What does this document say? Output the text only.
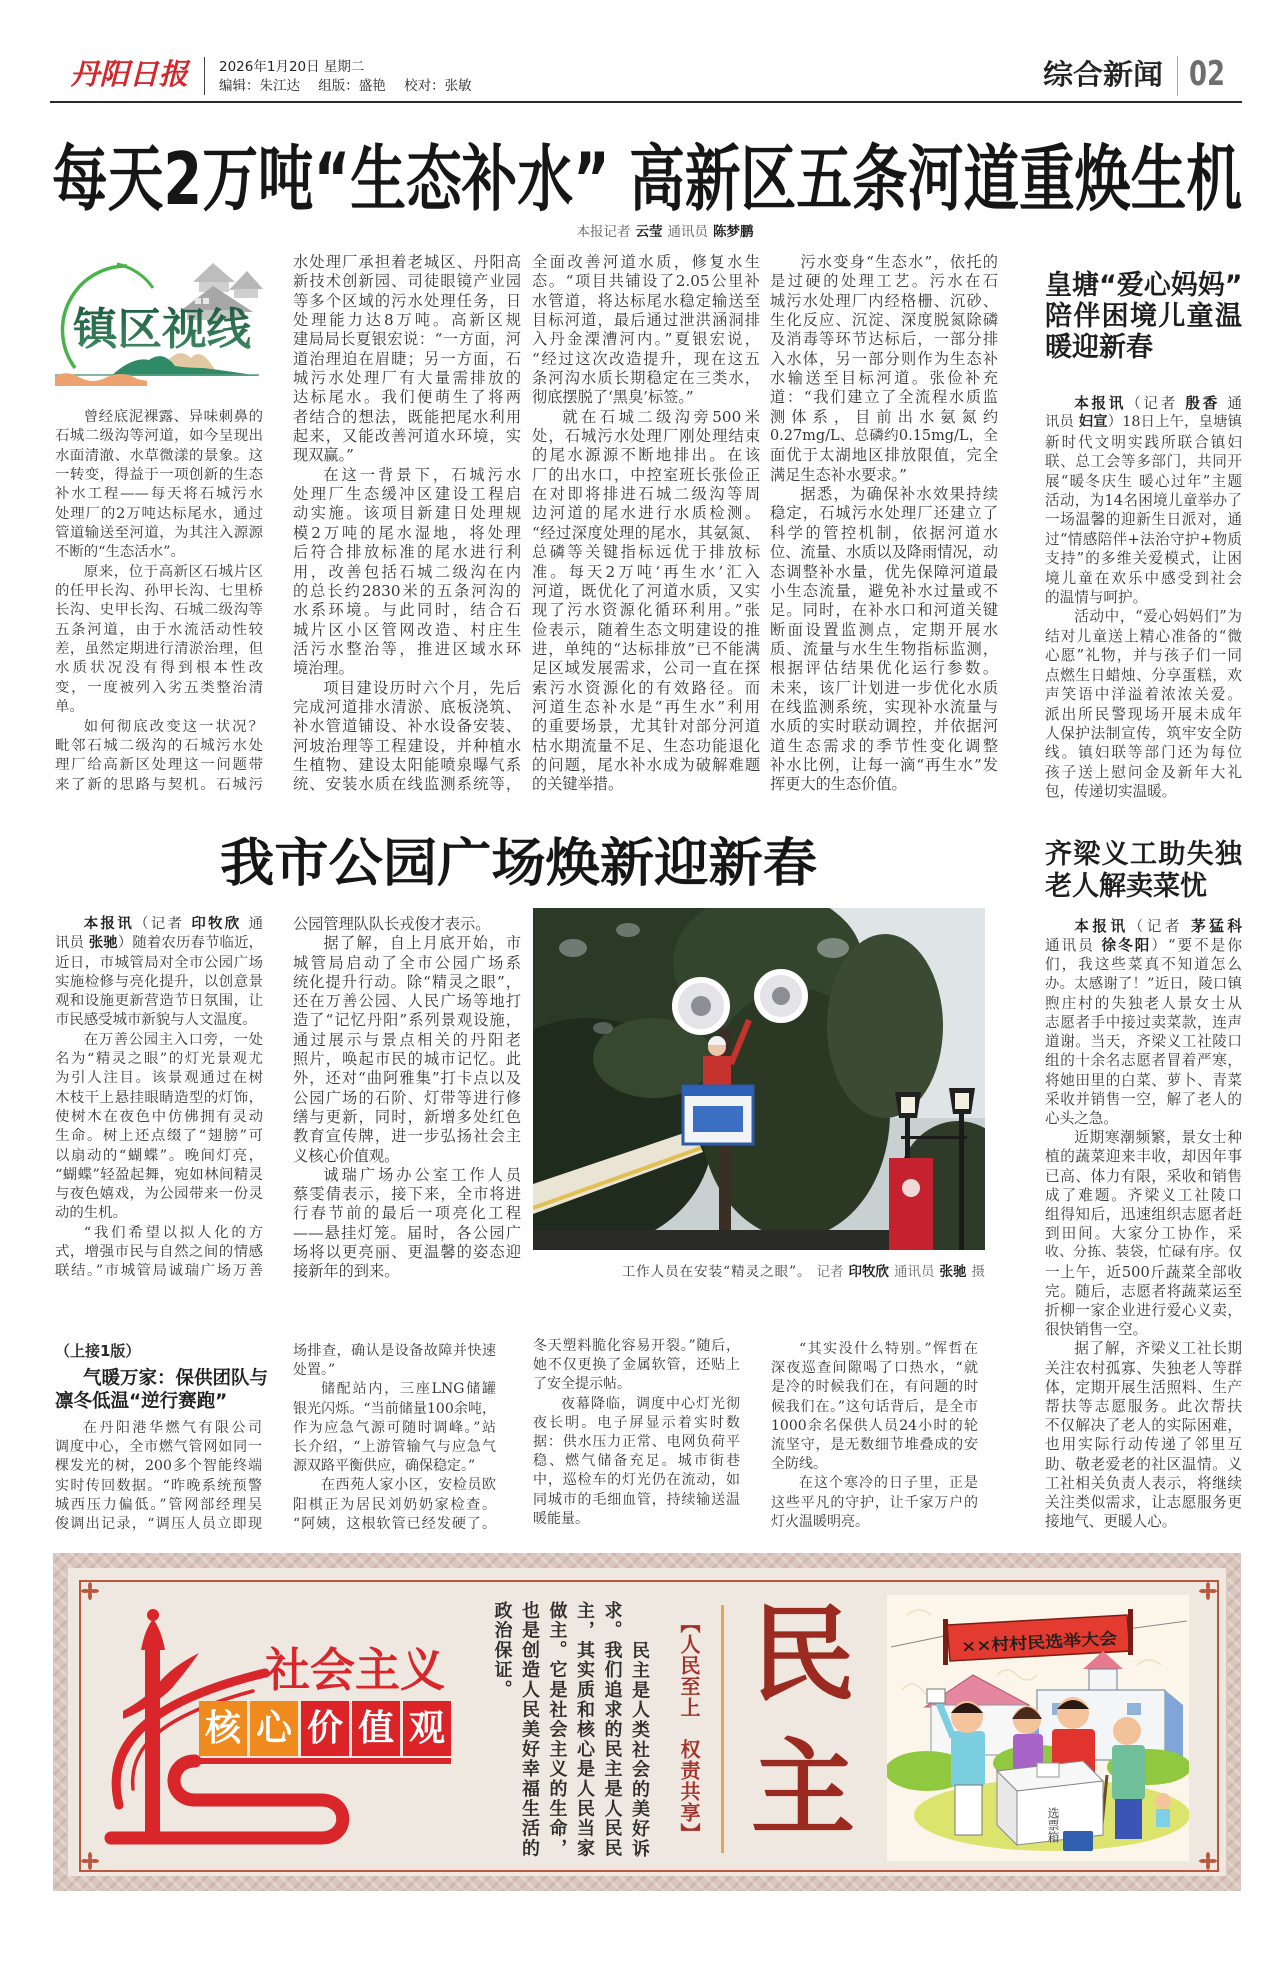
丹阳日报 2026年1月20日 星期二
编辑：朱江达 组版：盛艳 校对：张敏	综合新闻 02
每天2万吨“生态补水” 高新区五条河道重焕生机
本报记者 云莹 通讯员 陈梦鹏
镇区视线
曾经底泥裸露、异味刺鼻的
石城二级沟等河道，如今呈现出
水面清澈、水草微漾的景象。这
一转变，得益于一项创新的生态
补水工程——每天将石城污水
处理厂的2万吨达标尾水，通过
管道输送至河道，为其注入源源
不断的“生态活水”。
原来，位于高新区石城片区
的任甲长沟、孙甲长沟、七里桥
长沟、史甲长沟、石城二级沟等
五条河道，由于水流活动性较
差，虽然定期进行清淤治理，但
水质状况没有得到根本性改
变，一度被列入劣五类整治清
单。
如何彻底改变这一状况？
毗邻石城二级沟的石城污水处
理厂给高新区处理这一问题带
来了新的思路与契机。石城污
水处理厂承担着老城区、丹阳高
新技术创新园、司徒眼镜产业园
等多个区域的污水处理任务，日
处理能力达8万吨。高新区规
建局局长夏银宏说：“一方面，河
道治理迫在眉睫；另一方面，石
城污水处理厂有大量需排放的
达标尾水。我们便萌生了将两
者结合的想法，既能把尾水利用
起来，又能改善河道水环境，实
现双赢。”
在这一背景下，石城污水
处理厂生态缓冲区建设工程启
动实施。该项目新建日处理规
模2万吨的尾水湿地，将处理
后符合排放标准的尾水进行利
用，改善包括石城二级沟在内
的总长约2830米的五条河沟的
水系环境。与此同时，结合石
城片区小区管网改造、村庄生
活污水整治等，推进区域水环
境治理。
项目建设历时六个月，先后
完成河道排水清淤、底板浇筑、
补水管道铺设、补水设备安装、
河坡治理等工程建设，并种植水
生植物、建设太阳能喷泉曝气系
统、安装水质在线监测系统等，
全面改善河道水质，修复水生
态。“项目共铺设了2.05公里补
水管道，将达标尾水稳定输送至
目标河道，最后通过泄洪涵洞排
入丹金溧漕河内。”夏银宏说，
“经过这次改造提升，现在这五
条河沟水质长期稳定在三类水，
彻底摆脱了‘黑臭’标签。”
就在石城二级沟旁500米
处，石城污水处理厂刚处理结束
的尾水源源不断地排出。在该
厂的出水口，中控室班长张俭正
在对即将排进石城二级沟等周
边河道的尾水进行水质检测。
“经过深度处理的尾水，其氨氮、
总磷等关键指标远优于排放标
准。每天2万吨‘再生水’汇入
河道，既优化了河道水质，又实
现了污水资源化循环利用。”张
俭表示，随着生态文明建设的推
进，单纯的“达标排放”已不能满
足区域发展需求，公司一直在探
索污水资源化的有效路径。而
河道生态补水是“再生水”利用
的重要场景，尤其针对部分河道
枯水期流量不足、生态功能退化
的问题，尾水补水成为破解难题
的关键举措。
污水变身“生态水”，依托的
是过硬的处理工艺。污水在石
城污水处理厂内经格栅、沉砂、
生化反应、沉淀、深度脱氮除磷
及消毒等环节达标后，一部分排
入水体，另一部分则作为生态补
水输送至目标河道。张俭补充
道：“我们建立了全流程水质监
测体系，目前出水氨氮约
0.27mg/L、总磷约0.15mg/L，全
面优于太湖地区排放限值，完全
满足生态补水要求。”
据悉，为确保补水效果持续
稳定，石城污水处理厂还建立了
科学的管控机制，依据河道水
位、流量、水质以及降雨情况，动
态调整补水量，优先保障河道最
小生态流量，避免补水过量或不
足。同时，在补水口和河道关键
断面设置监测点，定期开展水
质、流量与水生生物指标监测，
根据评估结果优化运行参数。
未来，该厂计划进一步优化水质
在线监测系统，实现补水流量与
水质的实时联动调控，并依据河
道生态需求的季节性变化调整
补水比例，让每一滴“再生水”发
挥更大的生态价值。
皇塘“爱心妈妈”
陪伴困境儿童温
暖迎新春
本报讯（记者 殷香 通
讯员 妇宣）18日上午，皇塘镇
新时代文明实践所联合镇妇
联、总工会等多部门，共同开
展“暖冬庆生 暖心过年”主题
活动，为14名困境儿童举办了
一场温馨的迎新生日派对，通
过“情感陪伴+法治守护+物质
支持”的多维关爱模式，让困
境儿童在欢乐中感受到社会
的温情与呵护。
活动中，“爱心妈妈们”为
结对儿童送上精心准备的“微
心愿”礼物，并与孩子们一同
点燃生日蜡烛、分享蛋糕，欢
声笑语中洋溢着浓浓关爱。
派出所民警现场开展未成年
人保护法制宣传，筑牢安全防
线。镇妇联等部门还为每位
孩子送上慰问金及新年大礼
包，传递切实温暖。
我市公园广场焕新迎新春
本报讯（记者 印牧欣 通
讯员 张驰）随着农历春节临近，
近日，市城管局对全市公园广场
实施检修与亮化提升，以创意景
观和设施更新营造节日氛围，让
市民感受城市新貌与人文温度。
在万善公园主入口旁，一处
名为“精灵之眼”的灯光景观尤
为引人注目。该景观通过在树
木枝干上悬挂眼睛造型的灯饰，
使树木在夜色中仿佛拥有灵动
生命。树上还点缀了“翅膀”可
以扇动的“蝴蝶”。晚间灯亮，
“蝴蝶”轻盈起舞，宛如林间精灵
与夜色嬉戏，为公园带来一份灵
动的生机。
“我们希望以拟人化的方
式，增强市民与自然之间的情感
联结。”市城管局诚瑞广场万善
公园管理队队长戎俊才表示。
据了解，自上月底开始，市
城管局启动了全市公园广场系
统化提升行动。除“精灵之眼”，
还在万善公园、人民广场等地打
造了“记忆丹阳”系列景观设施，
通过展示与景点相关的丹阳老
照片，唤起市民的城市记忆。此
外，还对“曲阿雅集”打卡点以及
公园广场的石阶、灯带等进行修
缮与更新，同时，新增多处红色
教育宣传牌，进一步弘扬社会主
义核心价值观。
诚瑞广场办公室工作人员
蔡雯倩表示，接下来，全市将进
行春节前的最后一项亮化工程
——悬挂灯笼。届时，各公园广
场将以更亮丽、更温馨的姿态迎
接新年的到来。	工作人员在安装“精灵之眼”。 记者 印牧欣 通讯员 张驰 摄
齐梁义工助失独
老人解卖菜忧
本报讯（记者 茅猛科
通讯员 徐冬阳）“要不是你
们，我这些菜真不知道怎么
办。太感谢了！”近日，陵口镇
煦庄村的失独老人景女士从
志愿者手中接过卖菜款，连声
道谢。当天，齐梁义工社陵口
组的十余名志愿者冒着严寒，
将她田里的白菜、萝卜、青菜
采收并销售一空，解了老人的
心头之急。
近期寒潮频繁，景女士种
植的蔬菜迎来丰收，却因年事
已高、体力有限，采收和销售
成了难题。齐梁义工社陵口
组得知后，迅速组织志愿者赶
到田间。大家分工协作，采
收、分拣、装袋，忙碌有序。仅
一上午，近500斤蔬菜全部收
完。随后，志愿者将蔬菜运至
折柳一家企业进行爱心义卖，
很快销售一空。
据了解，齐梁义工社长期
关注农村孤寡、失独老人等群
体，定期开展生活照料、生产
帮扶等志愿服务。此次帮扶
不仅解决了老人的实际困难，
也用实际行动传递了邻里互
助、敬老爱老的社区温情。义
工社相关负责人表示，将继续
关注类似需求，让志愿服务更
接地气、更暖人心。
（上接1版）
气暖万家：保供团队与
凛冬低温“逆行赛跑”
在丹阳港华燃气有限公司
调度中心，全市燃气管网如同一
棵发光的树，200多个智能终端
实时传回数据。“昨晚系统预警
城西压力偏低。”管网部经理吴
俊调出记录，“调压人员立即现
场排查，确认是设备故障并快速
处置。”
储配站内，三座LNG储罐
银光闪烁。“当前储量100余吨，
作为应急气源可随时调峰。”站
长介绍，“上游管输气与应急气
源双路平衡供应，确保稳定。”
在西苑人家小区，安检员欧
阳棋正为居民刘奶奶家检查。
“阿姨，这根软管已经发硬了。
冬天塑料脆化容易开裂。”随后，
她不仅更换了金属软管，还贴上
了安全提示帖。
夜幕降临，调度中心灯光彻
夜长明。电子屏显示着实时数
据：供水压力正常、电网负荷平
稳、燃气储备充足。城市街巷
中，巡检车的灯光仍在流动，如
同城市的毛细血管，持续输送温
暖能量。
“其实没什么特别。”恽哲在
深夜巡查间隙喝了口热水，“就
是冷的时候我们在，有问题的时
候我们在。”这句话背后，是全市
1000余名保供人员24小时的轮
流坚守，是无数细节堆叠成的安
全防线。
在这个寒冷的日子里，正是
这些平凡的守护，让千家万户的
灯火温暖明亮。
社会主义
核 心 价 值 观	民主是人类社会的美好诉
求。我们追求的民主是人民民
主，其实质和核心是人民当家
做主。它是社会主义的生命，
也是创造人民美好幸福生活的
政治保证。	【人民至上　权责共享】 民主	××村村民选举大会
选票箱
